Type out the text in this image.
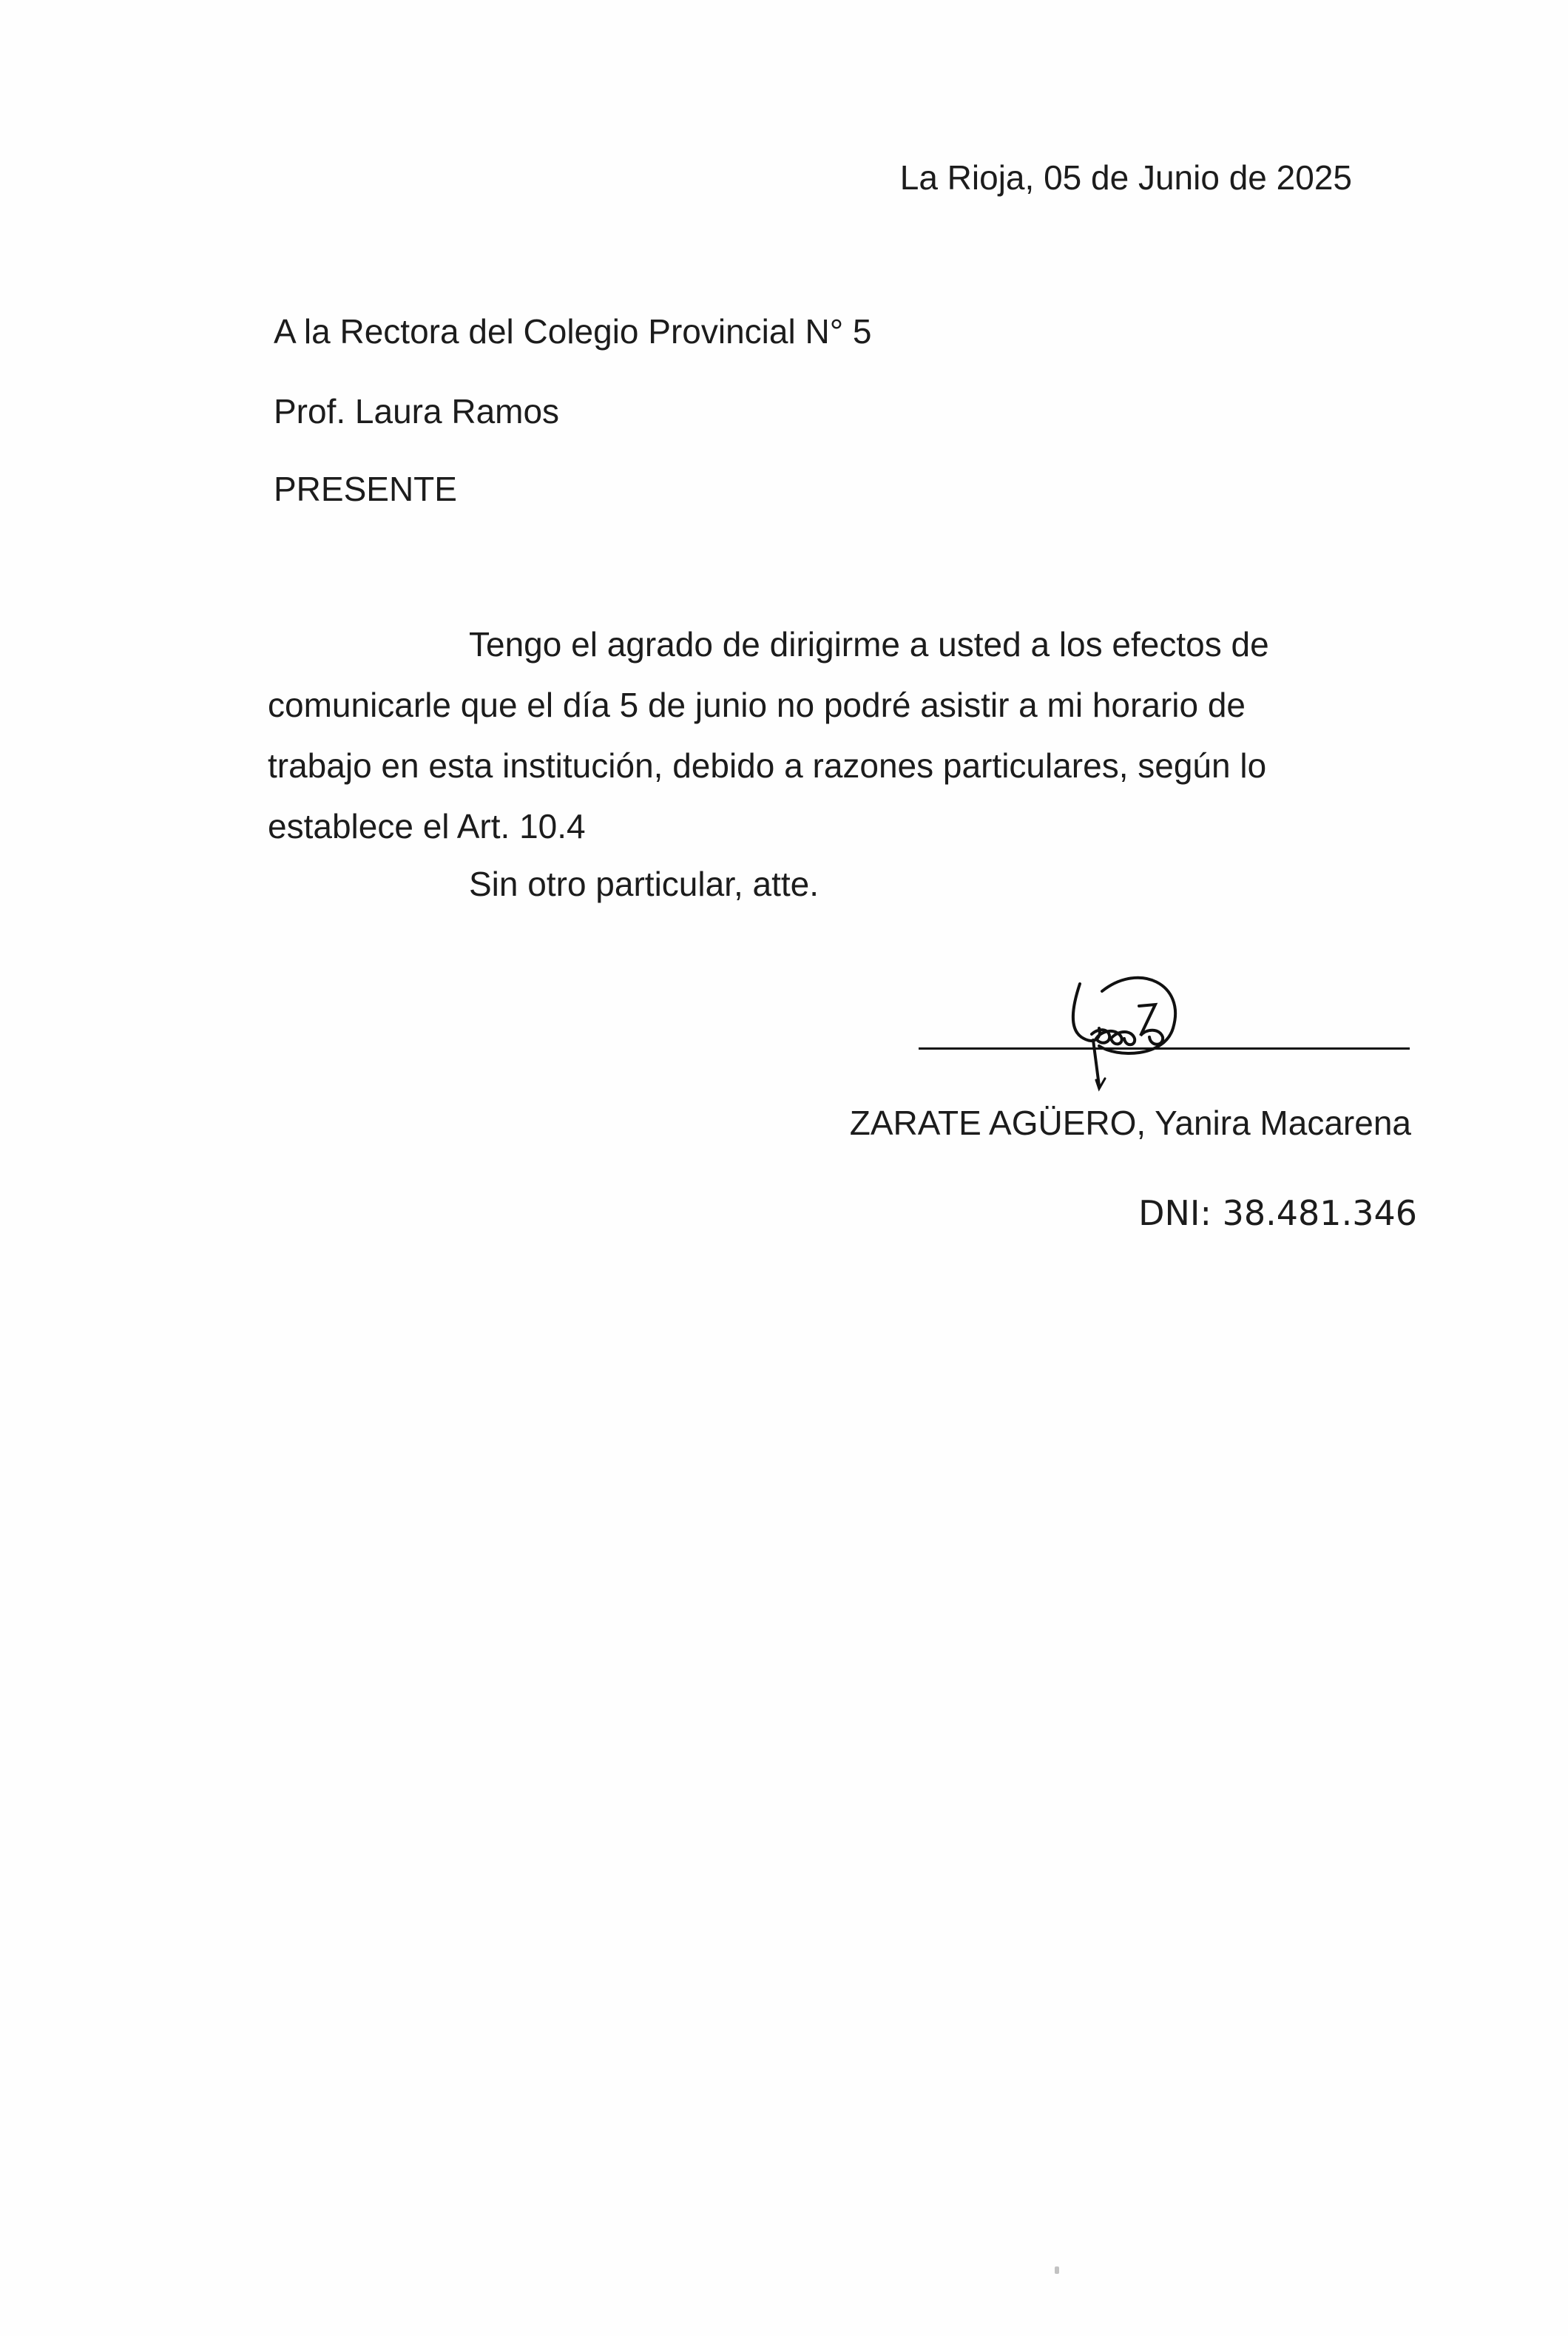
La Rioja, 05 de Junio de 2025
A la Rectora del Colegio Provincial N° 5
Prof. Laura Ramos
PRESENTE
Tengo el agrado de dirigirme a usted a los efectos de comunicarle que el día 5 de junio no podré asistir a mi horario de trabajo en esta institución, debido a razones particulares, según lo establece el Art. 10.4
Sin otro particular, atte.
ZARATE AGÜERO, Yanira Macarena
DNI: 38.481.346
